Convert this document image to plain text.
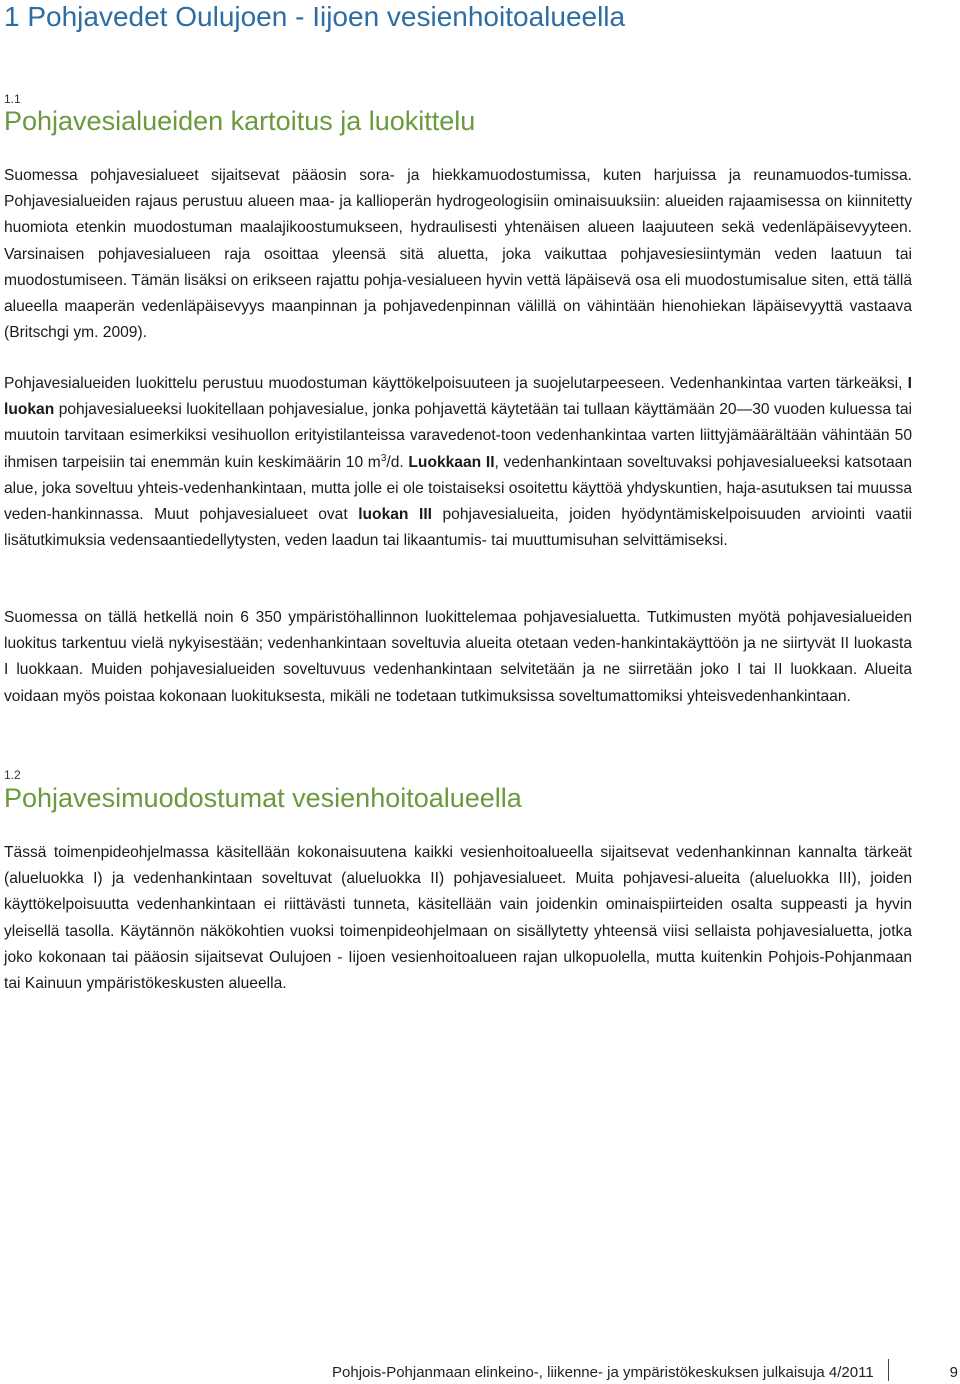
1 Pohjavedet Oulujoen - Iijoen vesienhoitoalueella
1.1
Pohjavesialueiden kartoitus ja luokittelu

Suomessa pohjavesialueet sijaitsevat pääosin sora- ja hiekkamuodostumissa, kuten harjuissa ja reunamuodos-tumissa. Pohjavesialueiden rajaus perustuu alueen maa- ja kallioperän hydrogeologisiin ominaisuuksiin: alueiden rajaamisessa on kiinnitetty huomiota etenkin muodostuman maalajikoostumukseen, hydraulisesti yhtenäisen alueen laajuuteen sekä vedenläpäisevyyteen. Varsinaisen pohjavesialueen raja osoittaa yleensä sitä aluetta, joka vaikuttaa pohjavesiesiintymän veden laatuun tai muodostumiseen. Tämän lisäksi on erikseen rajattu pohja-vesialueen hyvin vettä läpäisevä osa eli muodostumisalue siten, että tällä alueella maaperän vedenläpäisevyys maanpinnan ja pohjavedenpinnan välillä on vähintään hienohiekan läpäisevyyttä vastaava (Britschgi ym. 2009).

Pohjavesialueiden luokittelu perustuu muodostuman käyttökelpoisuuteen ja suojelutarpeeseen. Vedenhankintaa varten tärkeäksi, I luokan pohjavesialueeksi luokitellaan pohjavesialue, jonka pohjavettä käytetään tai tullaan käyttämään 20—30 vuoden kuluessa tai muutoin tarvitaan esimerkiksi vesihuollon erityistilanteissa varavedenot-toon vedenhankintaa varten liittyjämäärältään vähintään 50 ihmisen tarpeisiin tai enemmän kuin keskimäärin 10 $m^3/d$. Luokkaan II, vedenhankintaan soveltuvaksi pohjavesialueeksi katsotaan alue, joka soveltuu yhteis-vedenhankintaan, mutta jolle ei ole toistaiseksi osoitettu käyttöä yhdyskuntien, haja-asutuksen tai muussa veden-hankinnassa. Muut pohjavesialueet ovat luokan III pohjavesialueita, joiden hyödyntämiskelpoisuuden arviointi vaatii lisätutkimuksia vedensaantiedellytysten, veden laadun tai likaantumis- tai muuttumisuhan selvittämiseksi.

Suomessa on tällä hetkellä noin 6 350 ympäristöhallinnon luokittelemaa pohjavesialuetta. Tutkimusten myötä pohjavesialueiden luokitus tarkentuu vielä nykyisestään; vedenhankintaan soveltuvia alueita otetaan veden-hankintakäyttöön ja ne siirtyvät II luokasta I luokkaan. Muiden pohjavesialueiden soveltuvuus vedenhankintaan selvitetään ja ne siirretään joko I tai II luokkaan. Alueita voidaan myös poistaa kokonaan luokituksesta, mikäli ne todetaan tutkimuksissa soveltumattomiksi yhteisvedenhankintaan.

1.2
Pohjavesimuodostumat vesienhoitoalueella

Tässä toimenpideohjelmassa käsitellään kokonaisuutena kaikki vesienhoitoalueella sijaitsevat vedenhankinnan kannalta tärkeät (alueluokka I) ja vedenhankintaan soveltuvat (alueluokka II) pohjavesialueet. Muita pohjavesi-alueita (alueluokka III), joiden käyttökelpoisuutta vedenhankintaan ei riittävästi tunneta, käsitellään vain joidenkin ominaispiirteiden osalta suppeasti ja hyvin yleisellä tasolla. Käytännön näkökohtien vuoksi toimenpideohjelmaan on sisällytetty yhteensä viisi sellaista pohjavesialuetta, jotka joko kokonaan tai pääosin sijaitsevat Oulujoen - Iijoen vesienhoitoalueen rajan ulkopuolella, mutta kuitenkin Pohjois-Pohjanmaan tai Kainuun ympäristökeskusten alueella.

Pohjois-Pohjanmaan elinkeino-, liikenne- ja ympäristökeskuksen julkaisuja 4/2011	9
